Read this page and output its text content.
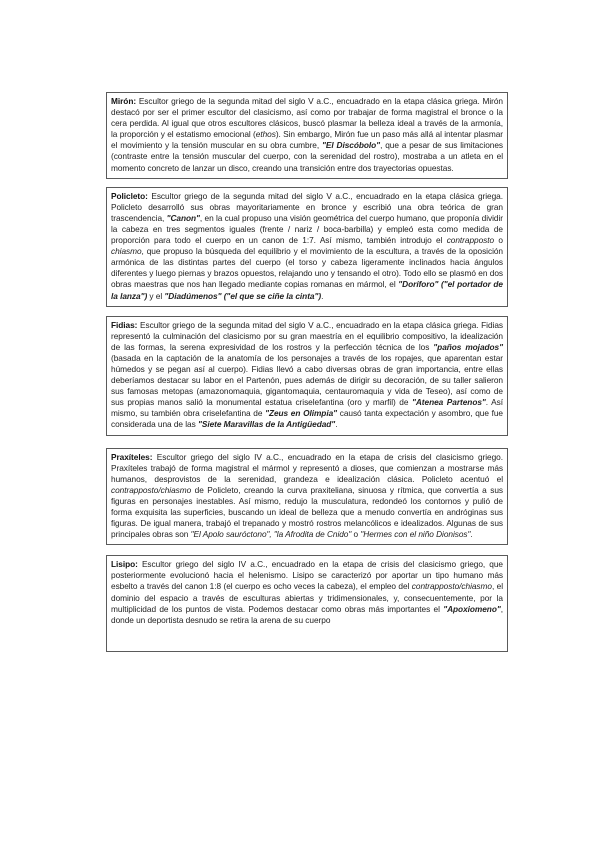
Mirón: Escultor griego de la segunda mitad del siglo V a.C., encuadrado en la etapa clásica griega. Mirón destacó por ser el primer escultor del clasicismo, así como por trabajar de forma magistral el bronce o la cera perdida. Al igual que otros escultores clásicos, buscó plasmar la belleza ideal a través de la armonía, la proporción y el estatismo emocional (ethos). Sin embargo, Mirón fue un paso más allá al intentar plasmar el movimiento y la tensión muscular en su obra cumbre, "El Discóbolo", que a pesar de sus limitaciones (contraste entre la tensión muscular del cuerpo, con la serenidad del rostro), mostraba a un atleta en el momento concreto de lanzar un disco, creando una transición entre dos trayectorias opuestas.
Policleto: Escultor griego de la segunda mitad del siglo V a.C., encuadrado en la etapa clásica griega. Policleto desarrolló sus obras mayoritariamente en bronce y escribió una obra teórica de gran trascendencia, "Canon", en la cual propuso una visión geométrica del cuerpo humano, que proponía dividir la cabeza en tres segmentos iguales (frente / nariz / boca-barbilla) y empleó esta como medida de proporción para todo el cuerpo en un canon de 1:7. Así mismo, también introdujo el contrapposto o chiasmo, que propuso la búsqueda del equilibrio y el movimiento de la escultura, a través de la oposición armónica de las distintas partes del cuerpo (el torso y cabeza ligeramente inclinados hacia ángulos diferentes y luego piernas y brazos opuestos, relajando uno y tensando el otro). Todo ello se plasmó en dos obras maestras que nos han llegado mediante copias romanas en mármol, el "Doríforo" ("el portador de la lanza") y el "Diadúmenos" ("el que se ciñe la cinta").
Fidias: Escultor griego de la segunda mitad del siglo V a.C., encuadrado en la etapa clásica griega. Fidias representó la culminación del clasicismo por su gran maestría en el equilibrio compositivo, la idealización de las formas, la serena expresividad de los rostros y la perfección técnica de los "paños mojados" (basada en la captación de la anatomía de los personajes a través de los ropajes, que aparentan estar húmedos y se pegan así al cuerpo). Fidias llevó a cabo diversas obras de gran importancia, entre ellas deberíamos destacar su labor en el Partenón, pues además de dirigir su decoración, de su taller salieron sus famosas metopas (amazonomaquia, gigantomaquia, centauromaquia y vida de Teseo), así como de sus propias manos salió la monumental estatua criselefantina (oro y marfil) de "Atenea Partenos". Así mismo, su también obra criselefantina de "Zeus en Olimpia" causó tanta expectación y asombro, que fue considerada una de las "Siete Maravillas de la Antigüedad".
Praxíteles: Escultor griego del siglo IV a.C., encuadrado en la etapa de crisis del clasicismo griego. Praxíteles trabajó de forma magistral el mármol y representó a dioses, que comienzan a mostrarse más humanos, desprovistos de la serenidad, grandeza e idealización clásica. Policleto acentuó el contrapposto/chiasmo de Policleto, creando la curva praxiteliana, sinuosa y rítmica, que convertía a sus figuras en personajes inestables. Así mismo, redujo la musculatura, redondeó los contornos y pulió de forma exquisita las superficies, buscando un ideal de belleza que a menudo convertía en andróginas sus figuras. De igual manera, trabajó el trepanado y mostró rostros melancólicos e idealizados. Algunas de sus principales obras son "El Apolo sauróctono", "la Afrodita de Cnido" o "Hermes con el niño Dionisos".
Lisipo: Escultor griego del siglo IV a.C., encuadrado en la etapa de crisis del clasicismo griego, que posteriormente evolucionó hacia el helenismo. Lisipo se caracterizó por aportar un tipo humano más esbelto a través del canon 1:8 (el cuerpo es ocho veces la cabeza), el empleo del contrapposto/chiasmo, el dominio del espacio a través de esculturas abiertas y tridimensionales, y, consecuentemente, por la multiplicidad de los puntos de vista. Podemos destacar como obras más importantes el "Apoxiomeno", donde un deportista desnudo se retira la arena de su cuerpo
